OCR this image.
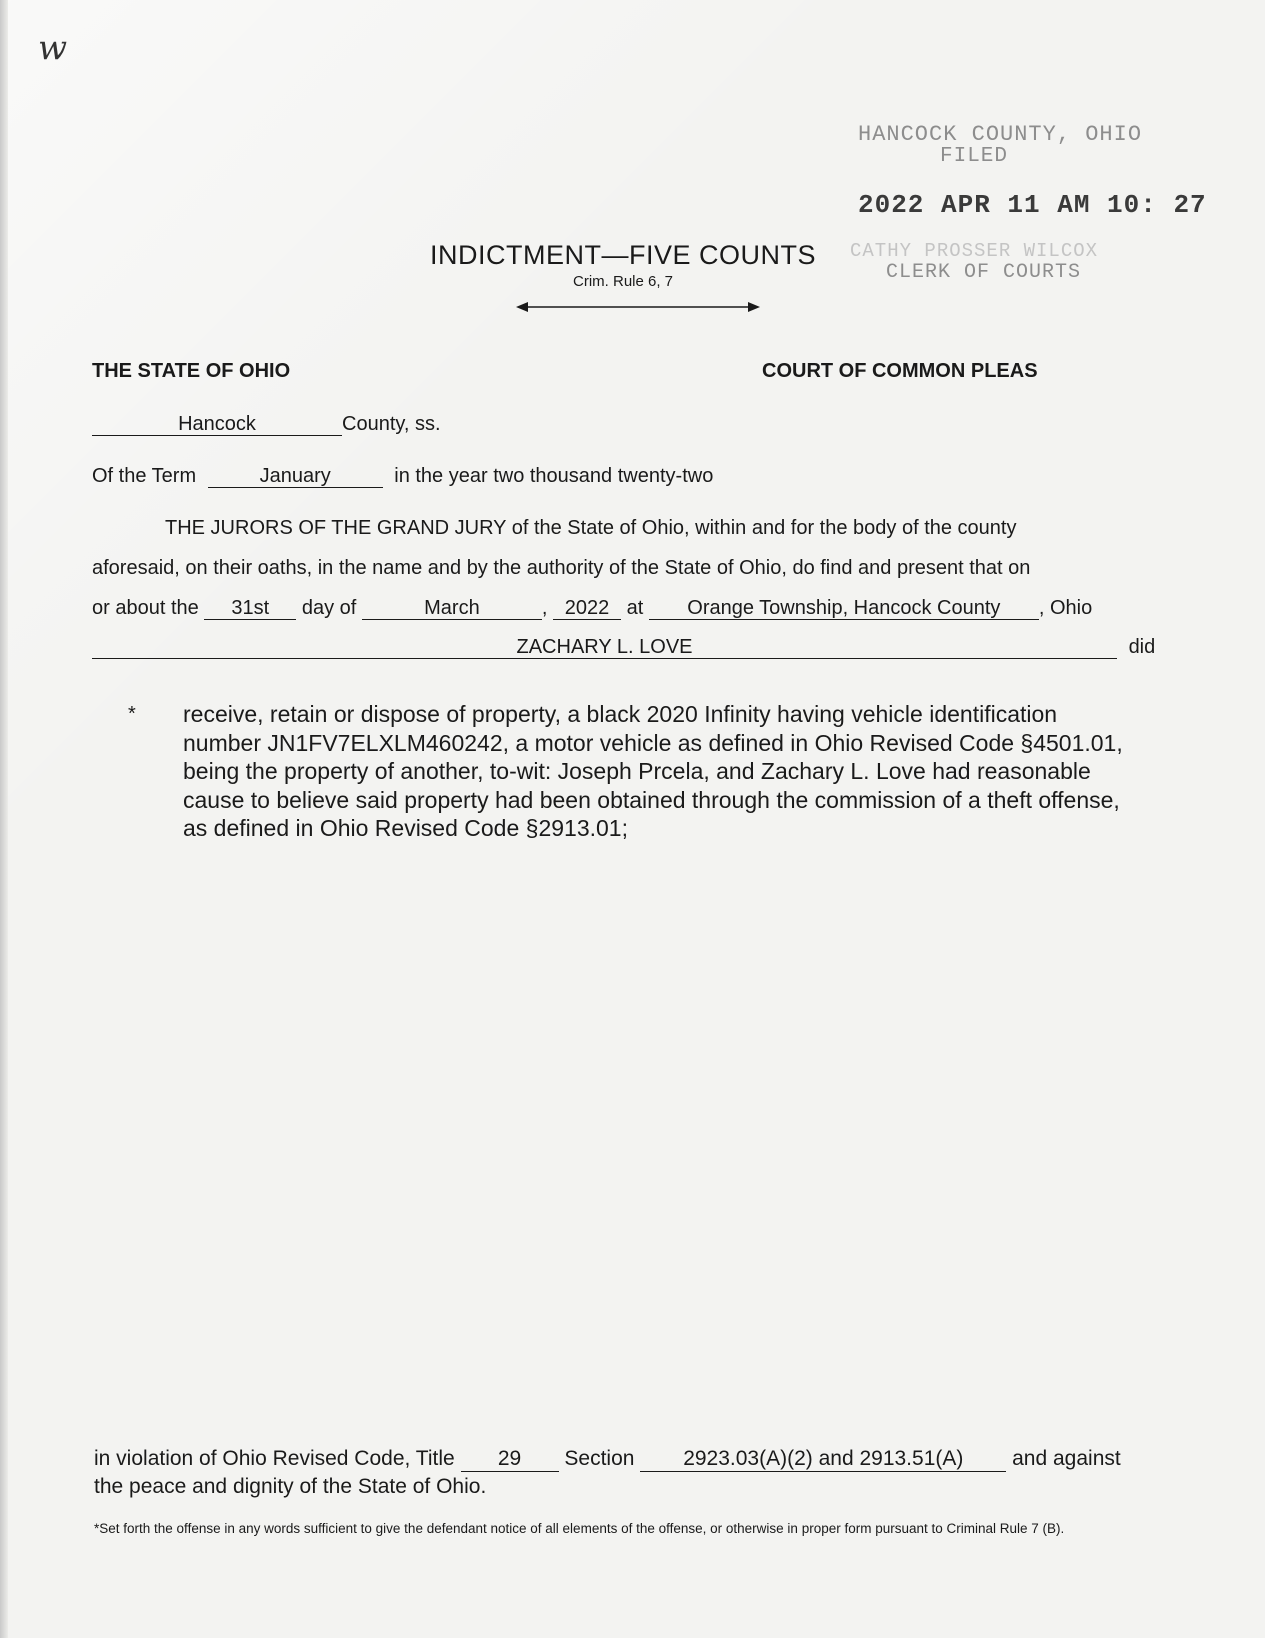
w
HANCOCK COUNTY, OHIO
FILED
2022 APR 11 AM 10: 27
CATHY PROSSER WILCOX
CLERK OF COURTS
INDICTMENT—FIVE COUNTS
Crim. Rule 6, 7
THE STATE OF OHIO	COURT OF COMMON PLEAS
Hancock	County, ss.
Of the Term	January	in the year two thousand twenty-two
THE JURORS OF THE GRAND JURY of the State of Ohio, within and for the body of the county
aforesaid, on their oaths, in the name and by the authority of the State of Ohio, do find and present that on
or about the 31st day of	March	, 2022 at Orange Township, Hancock County , Ohio
ZACHARY L. LOVE	did
* receive, retain or dispose of property, a black 2020 Infinity having vehicle identification number JN1FV7ELXLM460242, a motor vehicle as defined in Ohio Revised Code §4501.01, being the property of another, to-wit: Joseph Prcela, and Zachary L. Love had reasonable cause to believe said property had been obtained through the commission of a theft offense, as defined in Ohio Revised Code §2913.01;
in violation of Ohio Revised Code, Title 29 Section 2923.03(A)(2) and 2913.51(A) and against
the peace and dignity of the State of Ohio.
*Set forth the offense in any words sufficient to give the defendant notice of all elements of the offense, or otherwise in proper form pursuant to Criminal Rule 7 (B).
